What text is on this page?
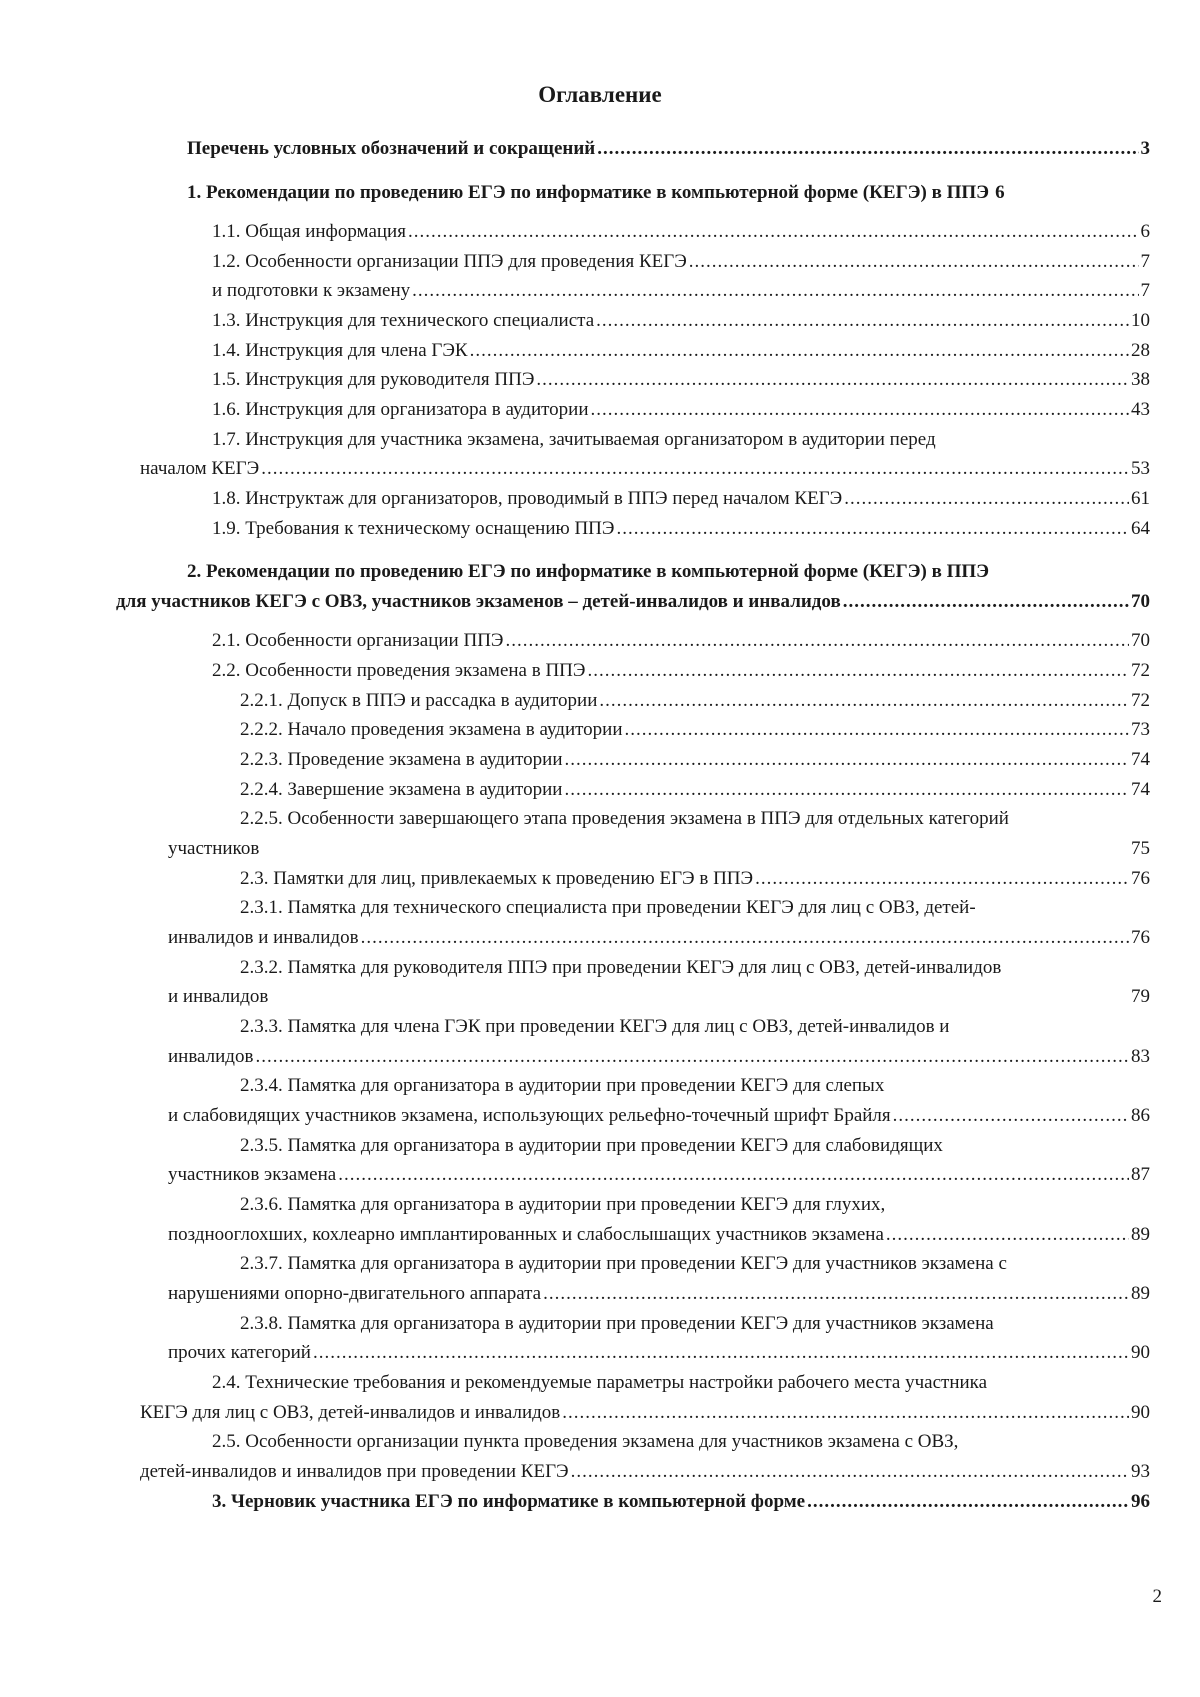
Оглавление
Перечень условных обозначений и сокращений .....	3
1. Рекомендации по проведению ЕГЭ по информатике в компьютерной форме (КЕГЭ) в ППЭ 6
1.1. Общая информация .....	6
1.2. Особенности организации ППЭ для проведения КЕГЭ .....	7
и подготовки к экзамену .....	7
1.3. Инструкция для технического специалиста .....	10
1.4. Инструкция для члена ГЭК .....	28
1.5. Инструкция для руководителя ППЭ .....	38
1.6. Инструкция для организатора в аудитории .....	43
1.7. Инструкция для участника экзамена, зачитываемая организатором в аудитории перед
началом КЕГЭ .....	53
1.8. Инструктаж для организаторов, проводимый в ППЭ перед началом КЕГЭ .....	61
1.9. Требования к техническому оснащению ППЭ .....	64
2. Рекомендации по проведению ЕГЭ по информатике в компьютерной форме (КЕГЭ) в ППЭ
для участников КЕГЭ с ОВЗ, участников экзаменов – детей-инвалидов и инвалидов .....	70
2.1. Особенности организации ППЭ .....	70
2.2. Особенности проведения экзамена в ППЭ .....	72
2.2.1. Допуск в ППЭ и рассадка в аудитории .....	72
2.2.2. Начало проведения экзамена в аудитории .....	73
2.2.3. Проведение экзамена в аудитории .....	74
2.2.4. Завершение экзамена в аудитории .....	74
2.2.5. Особенности завершающего этапа проведения экзамена в ППЭ для отдельных категорий
участников	75
2.3. Памятки для лиц, привлекаемых к проведению ЕГЭ в ППЭ .....	76
2.3.1. Памятка для технического специалиста при проведении КЕГЭ для лиц с ОВЗ, детей-
инвалидов и инвалидов .....	76
2.3.2. Памятка для руководителя ППЭ при проведении КЕГЭ для лиц с ОВЗ, детей-инвалидов
и инвалидов	79
2.3.3. Памятка для члена ГЭК при проведении КЕГЭ для лиц с ОВЗ, детей-инвалидов и
инвалидов .....	83
2.3.4. Памятка для организатора в аудитории при проведении КЕГЭ для слепых
и слабовидящих участников экзамена, использующих рельефно-точечный шрифт Брайля .....	86
2.3.5. Памятка для организатора в аудитории при проведении КЕГЭ для слабовидящих
участников экзамена .....	87
2.3.6. Памятка для организатора в аудитории при проведении КЕГЭ для глухих,
позднооглохших, кохлеарно имплантированных и слабослышащих участников экзамена .....	89
2.3.7. Памятка для организатора в аудитории при проведении КЕГЭ для участников экзамена с
нарушениями опорно-двигательного аппарата .....	89
2.3.8. Памятка для организатора в аудитории при проведении КЕГЭ для участников экзамена
прочих категорий .....	90
2.4. Технические требования и рекомендуемые параметры настройки рабочего места участника
КЕГЭ для лиц с ОВЗ, детей-инвалидов и инвалидов .....	90
2.5. Особенности организации пункта проведения экзамена для участников экзамена с ОВЗ,
детей-инвалидов и инвалидов при проведении КЕГЭ .....	93
3. Черновик участника ЕГЭ по информатике в компьютерной форме .....	96
2
